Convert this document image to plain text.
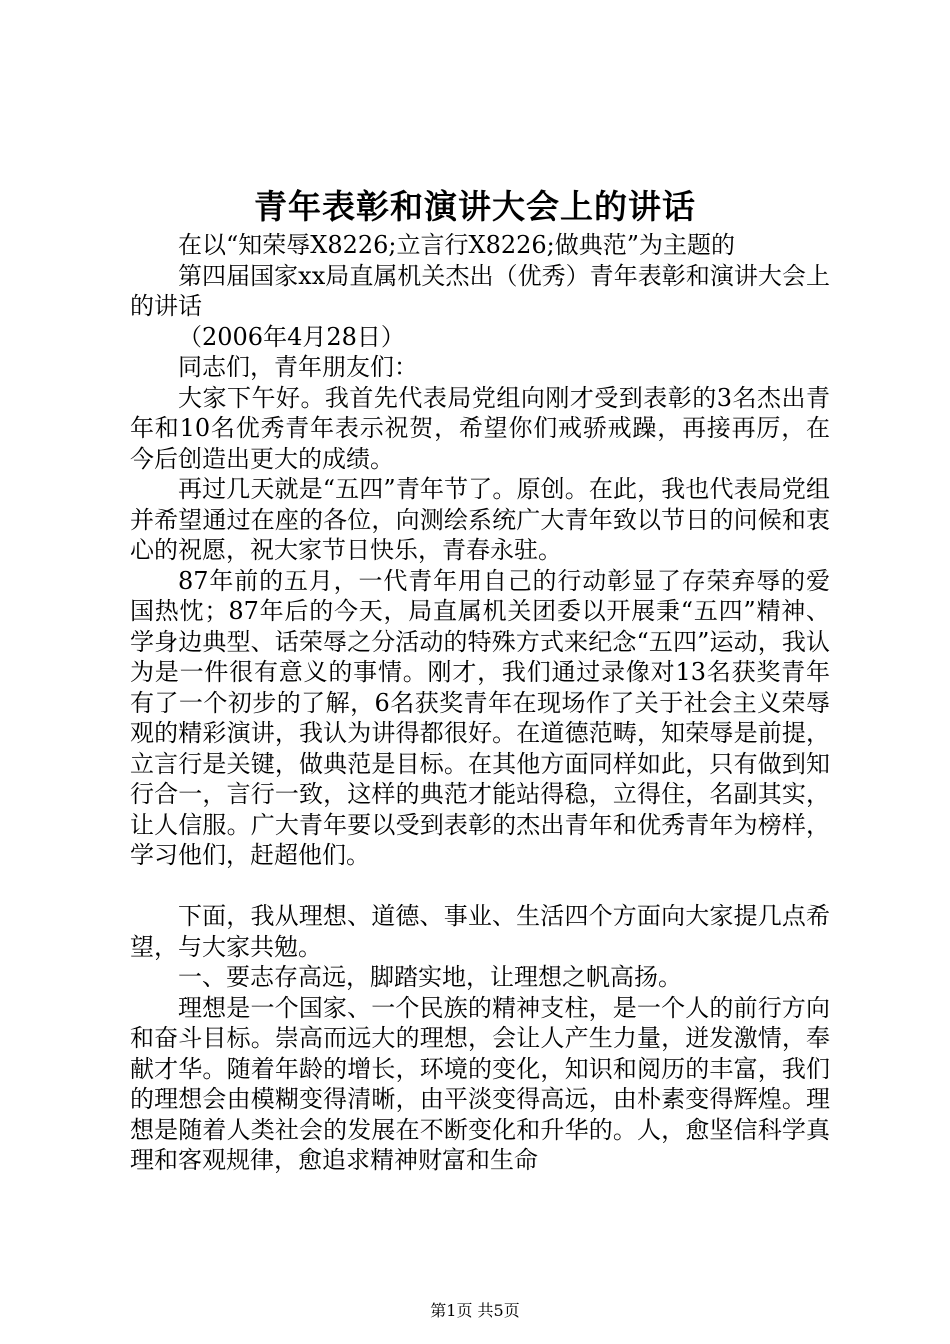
青年表彰和演讲大会上的讲话

在以“知荣辱X8226;立言行X8226;做典范”为主题的

第四届国家xx局直属机关杰出（优秀）青年表彰和演讲大会上的讲话

（2006年4月28日）

同志们，青年朋友们：

大家下午好。我首先代表局党组向刚才受到表彰的3名杰出青年和10名优秀青年表示祝贺，希望你们戒骄戒躁，再接再厉，在今后创造出更大的成绩。

再过几天就是“五四”青年节了。原创。在此，我也代表局党组并希望通过在座的各位，向测绘系统广大青年致以节日的问候和衷心的祝愿，祝大家节日快乐，青春永驻。

87年前的五月，一代青年用自己的行动彰显了存荣弃辱的爱国热忱；87年后的今天，局直属机关团委以开展秉“五四”精神、学身边典型、话荣辱之分活动的特殊方式来纪念“五四”运动，我认为是一件很有意义的事情。刚才，我们通过录像对13名获奖青年有了一个初步的了解，6名获奖青年在现场作了关于社会主义荣辱观的精彩演讲，我认为讲得都很好。在道德范畴，知荣辱是前提，立言行是关键，做典范是目标。在其他方面同样如此，只有做到知行合一，言行一致，这样的典范才能站得稳，立得住，名副其实，让人信服。广大青年要以受到表彰的杰出青年和优秀青年为榜样，学习他们，赶超他们。

下面，我从理想、道德、事业、生活四个方面向大家提几点希望，与大家共勉。

一、要志存高远，脚踏实地，让理想之帆高扬。

理想是一个国家、一个民族的精神支柱，是一个人的前行方向和奋斗目标。崇高而远大的理想，会让人产生力量，迸发激情，奉献才华。随着年龄的增长，环境的变化，知识和阅历的丰富，我们的理想会由模糊变得清晰，由平淡变得高远，由朴素变得辉煌。理想是随着人类社会的发展在不断变化和升华的。人，愈坚信科学真理和客观规律，愈追求精神财富和生命

第1页 共5页
